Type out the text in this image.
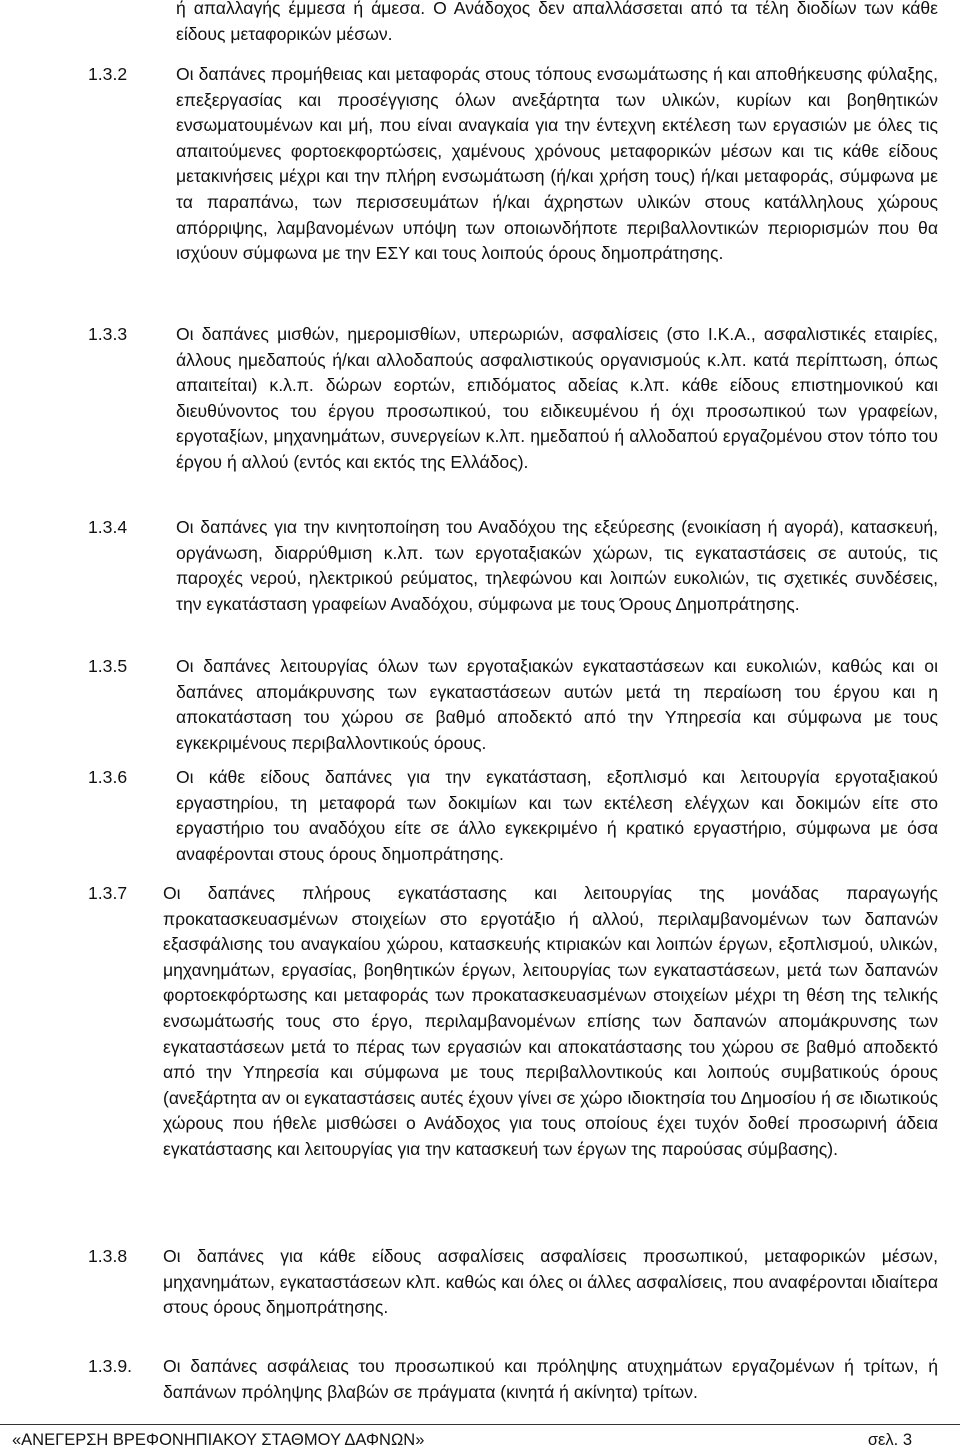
ή απαλλαγής έμμεσα ή άμεσα. Ο Ανάδοχος δεν απαλλάσσεται από τα τέλη διοδίων των κάθε είδους μεταφορικών μέσων.
1.3.2	Οι δαπάνες προμήθειας και μεταφοράς στους τόπους ενσωμάτωσης ή και αποθήκευσης φύλαξης, επεξεργασίας και προσέγγισης όλων ανεξάρτητα των υλικών, κυρίων και βοηθητικών ενσωματουμένων και μή, που είναι αναγκαία για την έντεχνη εκτέλεση των εργασιών με όλες τις απαιτούμενες φορτοεκφορτώσεις, χαμένους χρόνους μεταφορικών μέσων και τις κάθε είδους μετακινήσεις μέχρι και την πλήρη ενσωμάτωση (ή/και χρήση τους) ή/και μεταφοράς, σύμφωνα με τα παραπάνω, των περισσευμάτων ή/και άχρηστων υλικών στους κατάλληλους χώρους απόρριψης, λαμβανομένων υπόψη των οποιωνδήποτε περιβαλλοντικών περιορισμών που θα ισχύουν σύμφωνα με την ΕΣΥ και τους λοιπούς όρους δημοπράτησης.
1.3.3	Οι δαπάνες μισθών, ημερομισθίων, υπερωριών, ασφαλίσεις (στο Ι.Κ.Α., ασφαλιστικές εταιρίες, άλλους ημεδαπούς ή/και αλλοδαπούς ασφαλιστικούς οργανισμούς κ.λπ. κατά περίπτωση, όπως απαιτείται) κ.λ.π. δώρων εορτών, επιδόματος αδείας κ.λπ. κάθε είδους επιστημονικού και διευθύνοντος του έργου προσωπικού, του ειδικευμένου ή όχι προσωπικού των γραφείων, εργοταξίων, μηχανημάτων, συνεργείων κ.λπ. ημεδαπού ή αλλοδαπού εργαζομένου στον τόπο του έργου ή αλλού (εντός και εκτός της Ελλάδος).
1.3.4	Οι δαπάνες για την κινητοποίηση του Αναδόχου της εξεύρεσης (ενοικίαση ή αγορά), κατασκευή, οργάνωση, διαρρύθμιση κ.λπ. των εργοταξιακών χώρων, τις εγκαταστάσεις σε αυτούς, τις παροχές νερού, ηλεκτρικού ρεύματος, τηλεφώνου και λοιπών ευκολιών, τις σχετικές συνδέσεις, την εγκατάσταση γραφείων Αναδόχου, σύμφωνα με τους Όρους Δημοπράτησης.
1.3.5	Οι δαπάνες λειτουργίας όλων των εργοταξιακών εγκαταστάσεων και ευκολιών, καθώς και οι δαπάνες απομάκρυνσης των εγκαταστάσεων αυτών μετά τη περαίωση του έργου και η αποκατάσταση του χώρου σε βαθμό αποδεκτό από την Υπηρεσία και σύμφωνα με τους εγκεκριμένους περιβαλλοντικούς όρους.
1.3.6	Οι κάθε είδους δαπάνες για την εγκατάσταση, εξοπλισμό και λειτουργία εργοταξιακού εργαστηρίου, τη μεταφορά των δοκιμίων και των εκτέλεση ελέγχων και δοκιμών είτε στο εργαστήριο του αναδόχου είτε σε άλλο εγκεκριμένο ή κρατικό εργαστήριο, σύμφωνα με όσα αναφέρονται στους όρους δημοπράτησης.
1.3.7 Οι δαπάνες πλήρους εγκατάστασης και λειτουργίας της μονάδας παραγωγής προκατασκευασμένων στοιχείων στο εργοτάξιο ή αλλού, περιλαμβανομένων των δαπανών εξασφάλισης του αναγκαίου χώρου, κατασκευής κτιριακών και λοιπών έργων, εξοπλισμού, υλικών, μηχανημάτων, εργασίας, βοηθητικών έργων, λειτουργίας των εγκαταστάσεων, μετά των δαπανών φορτοεκφόρτωσης και μεταφοράς των προκατασκευασμένων στοιχείων μέχρι τη θέση της τελικής ενσωμάτωσής τους στο έργο, περιλαμβανομένων επίσης των δαπανών απομάκρυνσης των εγκαταστάσεων μετά το πέρας των εργασιών και αποκατάστασης του χώρου σε βαθμό αποδεκτό από την Υπηρεσία και σύμφωνα με τους περιβαλλοντικούς και λοιπούς συμβατικούς όρους (ανεξάρτητα αν οι εγκαταστάσεις αυτές έχουν γίνει σε χώρο ιδιοκτησία του Δημοσίου ή σε ιδιωτικούς χώρους που ήθελε μισθώσει ο Ανάδοχος για τους οποίους έχει τυχόν δοθεί προσωρινή άδεια εγκατάστασης και λειτουργίας για την κατασκευή των έργων της παρούσας σύμβασης).
1.3.8 Οι δαπάνες για κάθε είδους ασφαλίσεις ασφαλίσεις προσωπικού, μεταφορικών μέσων, μηχανημάτων, εγκαταστάσεων κλπ. καθώς και όλες οι άλλες ασφαλίσεις, που αναφέρονται ιδιαίτερα στους όρους δημοπράτησης.
1.3.9. Οι δαπάνες ασφάλειας του προσωπικού και πρόληψης ατυχημάτων εργαζομένων ή τρίτων, ή δαπάνων πρόληψης βλαβών σε πράγματα (κινητά ή ακίνητα) τρίτων.
«ΑΝΕΓΕΡΣΗ ΒΡΕΦΟΝΗΠΙΑΚΟΥ ΣΤΑΘΜΟΥ ΔΑΦΝΩΝ»	σελ. 3
